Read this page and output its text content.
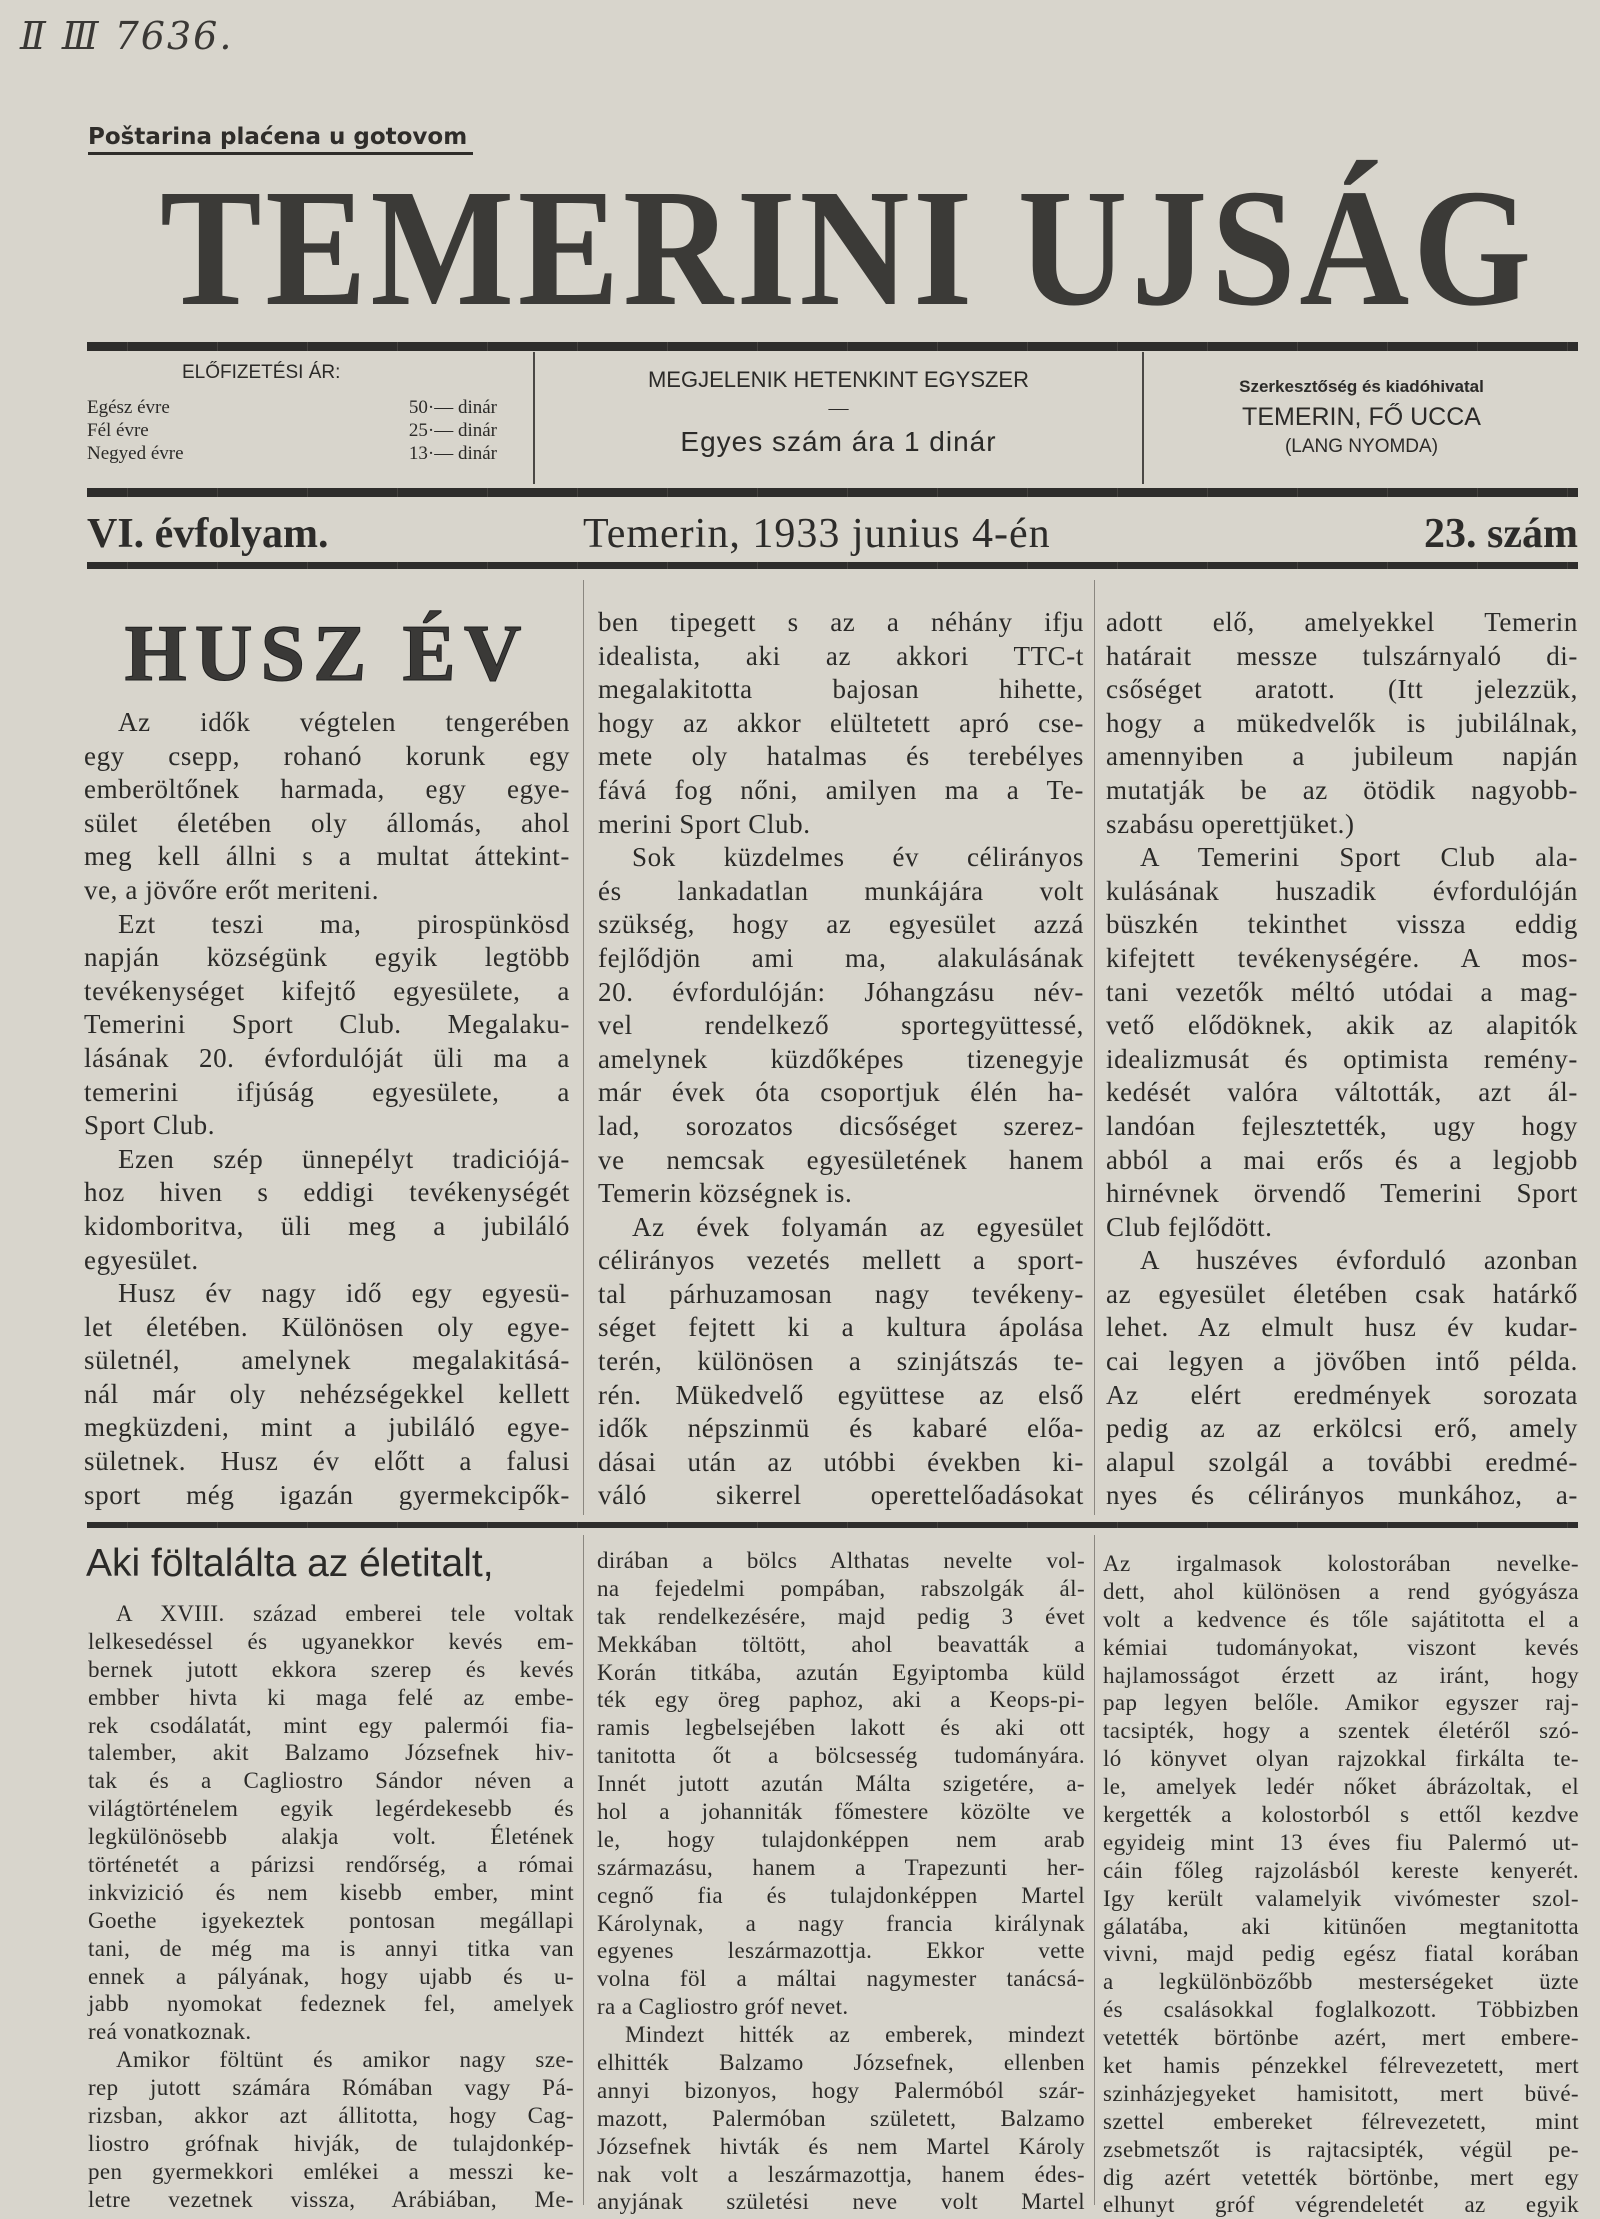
Ⅱ Ⅲ 7636.
Poštarina plaćena u gotovom
TEMERINI UJSÁG
ELŐFIZETÉSI ÁR:
Egész évre	50·— dinár
Fél évre	25·— dinár
Negyed évre	13·— dinár
MEGJELENIK HETENKINT EGYSZER
—
Egyes szám ára 1 dinár
Szerkesztőség és kiadóhivatal
TEMERIN, FŐ UCCA
(LANG NYOMDA)
VI. évfolyam.	Temerin, 1933 junius 4-én	23. szám
HUSZ ÉV
Az idők végtelen tengerében
egy csepp, rohanó korunk egy
emberöltőnek harmada, egy egye-
sület életében oly állomás, ahol
meg kell állni s a multat áttekint-
ve, a jövőre erőt meriteni.
Ezt teszi ma, pirospünkösd
napján községünk egyik legtöbb
tevékenységet kifejtő egyesülete, a
Temerini Sport Club. Megalaku-
lásának 20. évfordulóját üli ma a
temerini ifjúság egyesülete, a
Sport Club.
Ezen szép ünnepélyt tradiciójá-
hoz hiven s eddigi tevékenységét
kidomboritva, üli meg a jubiláló
egyesület.
Husz év nagy idő egy egyesü-
let életében. Különösen oly egye-
sületnél, amelynek megalakitásá-
nál már oly nehézségekkel kellett
megküzdeni, mint a jubiláló egye-
sületnek. Husz év előtt a falusi
sport még igazán gyermekcipők-
ben tipegett s az a néhány ifju
idealista, aki az akkori TTC-t
megalakitotta bajosan hihette,
hogy az akkor elültetett apró cse-
mete oly hatalmas és terebélyes
fává fog nőni, amilyen ma a Te-
merini Sport Club.
Sok küzdelmes év célirányos
és lankadatlan munkájára volt
szükség, hogy az egyesület azzá
fejlődjön ami ma, alakulásának
20. évfordulóján: Jóhangzásu név-
vel rendelkező sportegyüttessé,
amelynek küzdőképes tizenegyje
már évek óta csoportjuk élén ha-
lad, sorozatos dicsőséget szerez-
ve nemcsak egyesületének hanem
Temerin községnek is.
Az évek folyamán az egyesület
célirányos vezetés mellett a sport-
tal párhuzamosan nagy tevékeny-
séget fejtett ki a kultura ápolása
terén, különösen a szinjátszás te-
rén. Mükedvelő együttese az első
idők népszinmü és kabaré előa-
dásai után az utóbbi években ki-
váló sikerrel operettelőadásokat
adott elő, amelyekkel Temerin
határait messze tulszárnyaló di-
csőséget aratott. (Itt jelezzük,
hogy a mükedvelők is jubilálnak,
amennyiben a jubileum napján
mutatják be az ötödik nagyobb-
szabásu operettjüket.)
A Temerini Sport Club ala-
kulásának huszadik évfordulóján
büszkén tekinthet vissza eddig
kifejtett tevékenységére. A mos-
tani vezetők méltó utódai a mag-
vető elődöknek, akik az alapitók
idealizmusát és optimista remény-
kedését valóra váltották, azt ál-
landóan fejlesztették, ugy hogy
abból a mai erős és a legjobb
hirnévnek örvendő Temerini Sport
Club fejlődött.
A huszéves évforduló azonban
az egyesület életében csak határkő
lehet. Az elmult husz év kudar-
cai legyen a jövőben intő példa.
Az elért eredmények sorozata
pedig az az erkölcsi erő, amely
alapul szolgál a további eredmé-
nyes és célirányos munkához, a-
Aki föltalálta az életitalt,
A XVIII. század emberei tele voltak
lelkesedéssel és ugyanekkor kevés em-
bernek jutott ekkora szerep és kevés
embber hivta ki maga felé az embe-
rek csodálatát, mint egy palermói fia-
talember, akit Balzamo Józsefnek hiv-
tak és a Cagliostro Sándor néven a
világtörténelem egyik legérdekesebb és
legkülönösebb alakja volt. Életének
történetét a párizsi rendőrség, a római
inkvizició és nem kisebb ember, mint
Goethe igyekeztek pontosan megállapi
tani, de még ma is annyi titka van
ennek a pályának, hogy ujabb és u-
jabb nyomokat fedeznek fel, amelyek
reá vonatkoznak.
Amikor föltünt és amikor nagy sze-
rep jutott számára Rómában vagy Pá-
rizsban, akkor azt állitotta, hogy Cag-
liostro grófnak hivják, de tulajdonkép-
pen gyermekkori emlékei a messzi ke-
letre vezetnek vissza, Arábiában, Me-
dirában a bölcs Althatas nevelte vol-
na fejedelmi pompában, rabszolgák ál-
tak rendelkezésére, majd pedig 3 évet
Mekkában töltött, ahol beavatták a
Korán titkába, azután Egyiptomba küld
ték egy öreg paphoz, aki a Keops-pi-
ramis legbelsejében lakott és aki ott
tanitotta őt a bölcsesség tudományára.
Innét jutott azután Málta szigetére, a-
hol a johanniták főmestere közölte ve
le, hogy tulajdonképpen nem arab
származásu, hanem a Trapezunti her-
cegnő fia és tulajdonképpen Martel
Károlynak, a nagy francia királynak
egyenes leszármazottja. Ekkor vette
volna föl a máltai nagymester tanácsá-
ra a Cagliostro gróf nevet.
Mindezt hitték az emberek, mindezt
elhitték Balzamo Józsefnek, ellenben
annyi bizonyos, hogy Palermóból szár-
mazott, Palermóban született, Balzamo
Józsefnek hivták és nem Martel Károly
nak volt a leszármazottja, hanem édes-
anyjának születési neve volt Martel
Az irgalmasok kolostorában nevelke-
dett, ahol különösen a rend gyógyásza
volt a kedvence és tőle sajátitotta el a
kémiai tudományokat, viszont kevés
hajlamosságot érzett az iránt, hogy
pap legyen belőle. Amikor egyszer raj-
tacsipték, hogy a szentek életéről szó-
ló könyvet olyan rajzokkal firkálta te-
le, amelyek ledér nőket ábrázoltak, el
kergették a kolostorból s ettől kezdve
egyideig mint 13 éves fiu Palermó ut-
cáin főleg rajzolásból kereste kenyerét.
Igy került valamelyik vivómester szol-
gálatába, aki kitünően megtanitotta
vivni, majd pedig egész fiatal korában
a legkülönbözőbb mesterségeket üzte
és csalásokkal foglalkozott. Többizben
vetették börtönbe azért, mert embere-
ket hamis pénzekkel félrevezetett, mert
szinházjegyeket hamisitott, mert büvé-
szettel embereket félrevezetett, mint
zsebmetszőt is rajtacsipték, végül pe-
dig azért vetették börtönbe, mert egy
elhunyt gróf végrendeletét az egyik
